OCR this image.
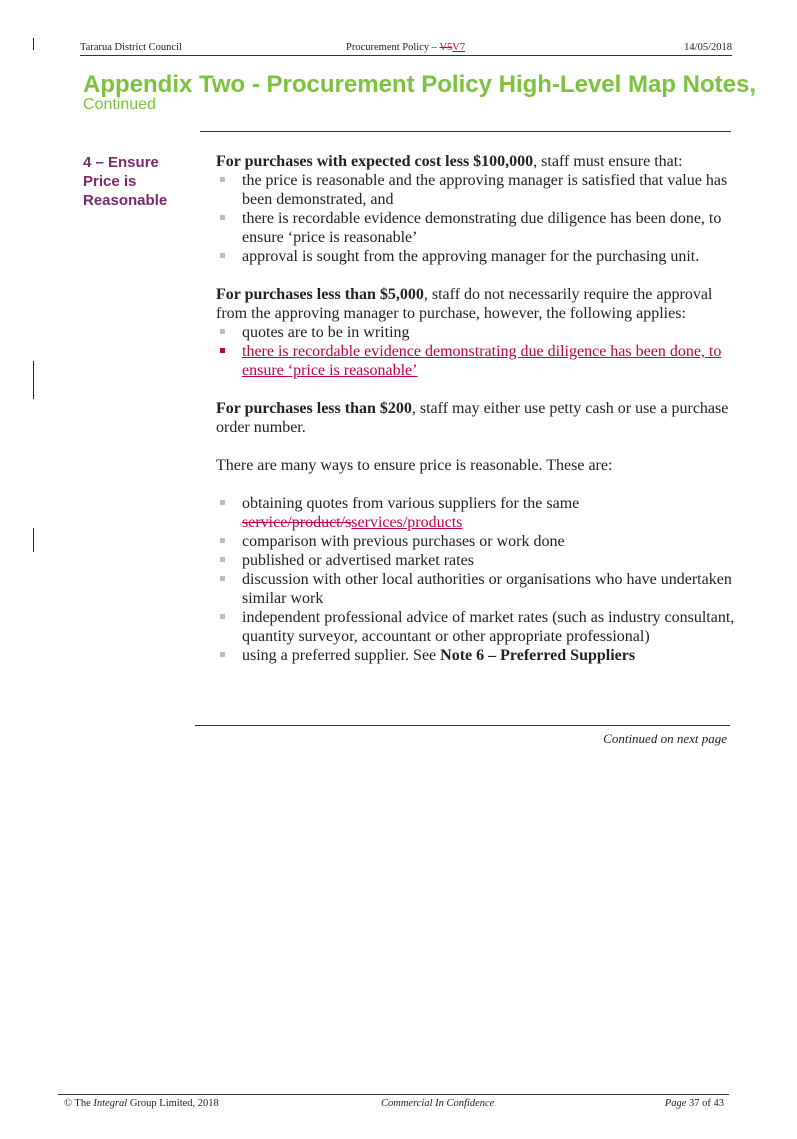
Tararua District Council	Procurement Policy – V5V7	14/05/2018
Appendix Two - Procurement Policy High-Level Map Notes,
Continued
4 – Ensure
Price is
Reasonable

For purchases with expected cost less $100,000, staff must ensure that:

the price is reasonable and the approving manager is satisfied that value has been demonstrated, and
there is recordable evidence demonstrating due diligence has been done, to ensure ‘price is reasonable’
approval is sought from the approving manager for the purchasing unit.

For purchases less than $5,000, staff do not necessarily require the approval from the approving manager to purchase, however, the following applies:

quotes are to be in writing
there is recordable evidence demonstrating due diligence has been done, to ensure ‘price is reasonable’

For purchases less than $200, staff may either use petty cash or use a purchase order number.

There are many ways to ensure price is reasonable. These are:

obtaining quotes from various suppliers for the same service/product/sservices/products
comparison with previous purchases or work done
published or advertised market rates
discussion with other local authorities or organisations who have undertaken similar work
independent professional advice of market rates (such as industry consultant, quantity surveyor, accountant or other appropriate professional)
using a preferred supplier. See Note 6 – Preferred Suppliers
Continued on next page
© The Integral Group Limited, 2018	Commercial In Confidence	Page 37 of 43
